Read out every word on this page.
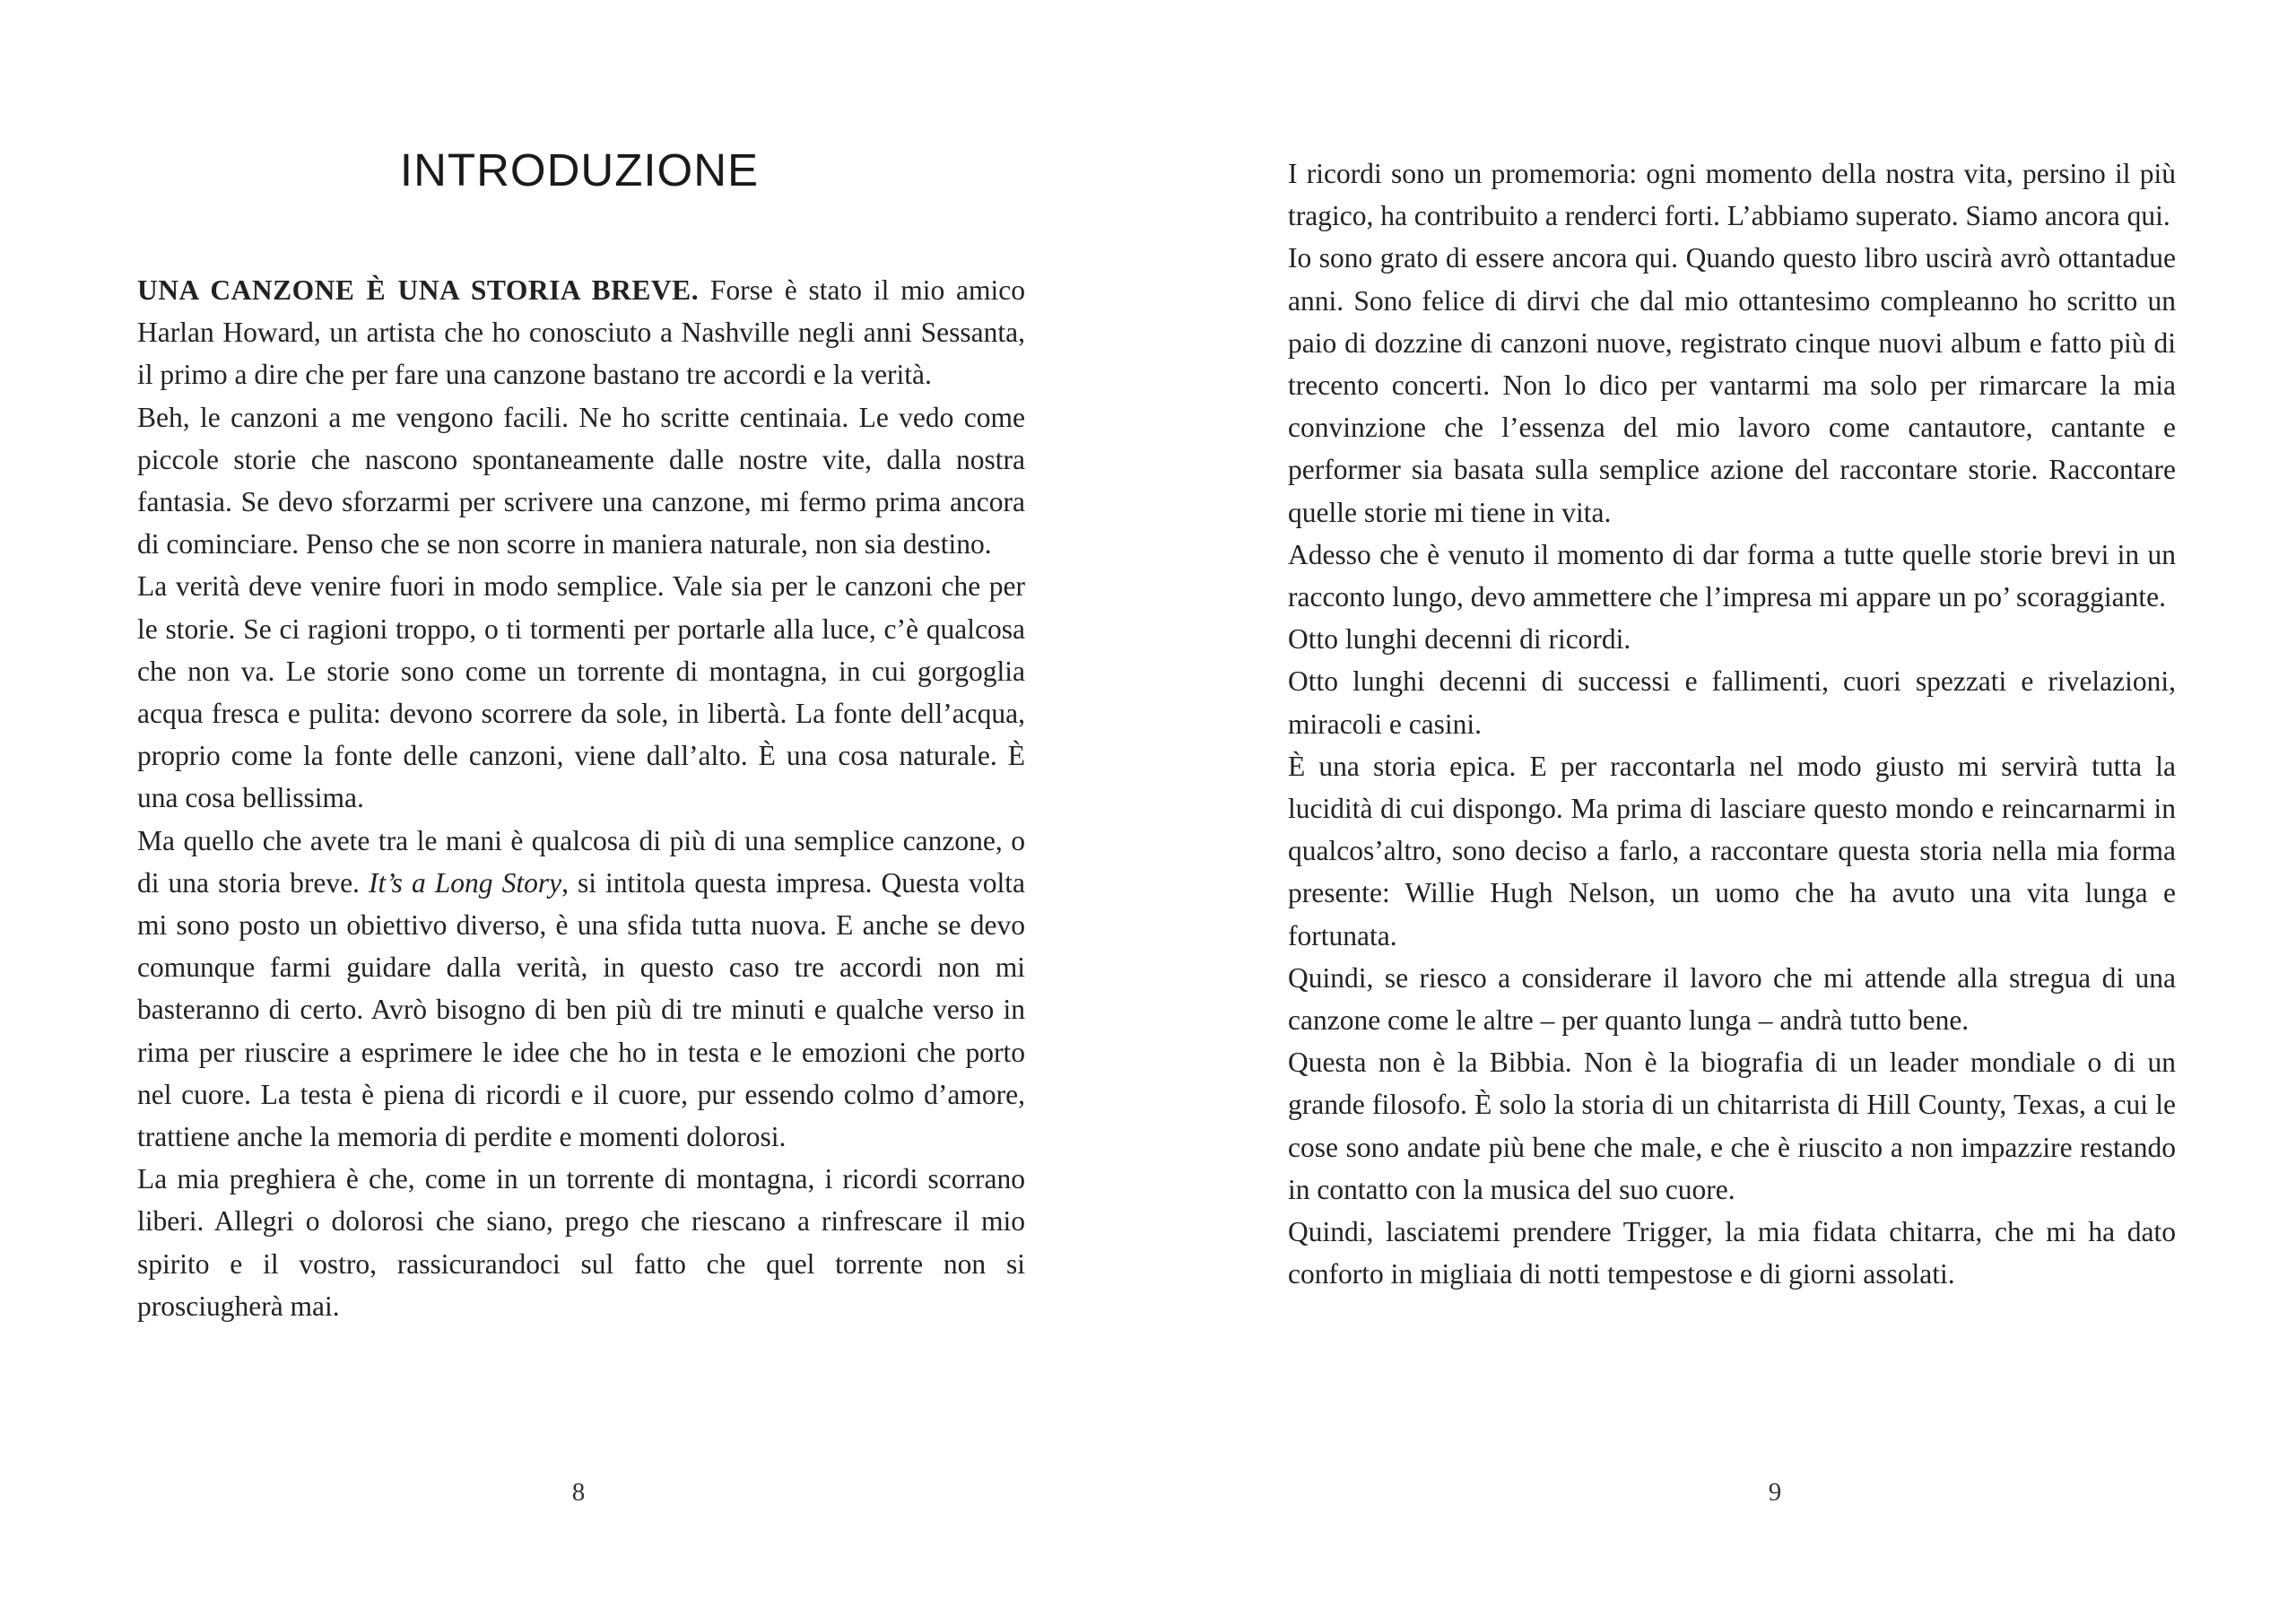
INTRODUZIONE

UNA CANZONE È UNA STORIA BREVE. Forse è stato il mio amico Harlan Howard, un artista che ho conosciuto a Nashville negli anni Sessanta, il primo a dire che per fare una canzone bastano tre accordi e la verità.

Beh, le canzoni a me vengono facili. Ne ho scritte centinaia. Le vedo come piccole storie che nascono spontaneamente dalle nostre vite, dalla nostra fantasia. Se devo sforzarmi per scrivere una canzone, mi fermo prima ancora di cominciare. Penso che se non scorre in maniera naturale, non sia destino.

La verità deve venire fuori in modo semplice. Vale sia per le canzoni che per le storie. Se ci ragioni troppo, o ti tormenti per portarle alla luce, c’è qualcosa che non va. Le storie sono come un torrente di montagna, in cui gorgoglia acqua fresca e pulita: devono scorrere da sole, in libertà. La fonte dell’acqua, proprio come la fonte delle canzoni, viene dall’alto. È una cosa naturale. È una cosa bellissima.

Ma quello che avete tra le mani è qualcosa di più di una semplice canzone, o di una storia breve. It’s a Long Story, si intitola questa impresa. Questa volta mi sono posto un obiettivo diverso, è una sfida tutta nuova. E anche se devo comunque farmi guidare dalla verità, in questo caso tre accordi non mi basteranno di certo. Avrò bisogno di ben più di tre minuti e qualche verso in rima per riuscire a esprimere le idee che ho in testa e le emozioni che porto nel cuore. La testa è piena di ricordi e il cuore, pur essendo colmo d’amore, trattiene anche la memoria di perdite e momenti dolorosi.

La mia preghiera è che, come in un torrente di montagna, i ricordi scorrano liberi. Allegri o dolorosi che siano, prego che riescano a rinfrescare il mio spirito e il vostro, rassicurandoci sul fatto che quel torrente non si prosciugherà mai.

8

I ricordi sono un promemoria: ogni momento della nostra vita, persino il più tragico, ha contribuito a renderci forti. L’abbiamo superato. Siamo ancora qui.

Io sono grato di essere ancora qui. Quando questo libro uscirà avrò ottantadue anni. Sono felice di dirvi che dal mio ottantesimo compleanno ho scritto un paio di dozzine di canzoni nuove, registrato cinque nuovi album e fatto più di trecento concerti. Non lo dico per vantarmi ma solo per rimarcare la mia convinzione che l’essenza del mio lavoro come cantautore, cantante e performer sia basata sulla semplice azione del raccontare storie. Raccontare quelle storie mi tiene in vita.

Adesso che è venuto il momento di dar forma a tutte quelle storie brevi in un racconto lungo, devo ammettere che l’impresa mi appare un po’ scoraggiante.

Otto lunghi decenni di ricordi.

Otto lunghi decenni di successi e fallimenti, cuori spezzati e rivelazioni, miracoli e casini.

È una storia epica. E per raccontarla nel modo giusto mi servirà tutta la lucidità di cui dispongo. Ma prima di lasciare questo mondo e reincarnarmi in qualcos’altro, sono deciso a farlo, a raccontare questa storia nella mia forma presente: Willie Hugh Nelson, un uomo che ha avuto una vita lunga e fortunata.

Quindi, se riesco a considerare il lavoro che mi attende alla stregua di una canzone come le altre – per quanto lunga – andrà tutto bene.

Questa non è la Bibbia. Non è la biografia di un leader mondiale o di un grande filosofo. È solo la storia di un chitarrista di Hill County, Texas, a cui le cose sono andate più bene che male, e che è riuscito a non impazzire restando in contatto con la musica del suo cuore.

Quindi, lasciatemi prendere Trigger, la mia fidata chitarra, che mi ha dato conforto in migliaia di notti tempestose e di giorni assolati.

9
